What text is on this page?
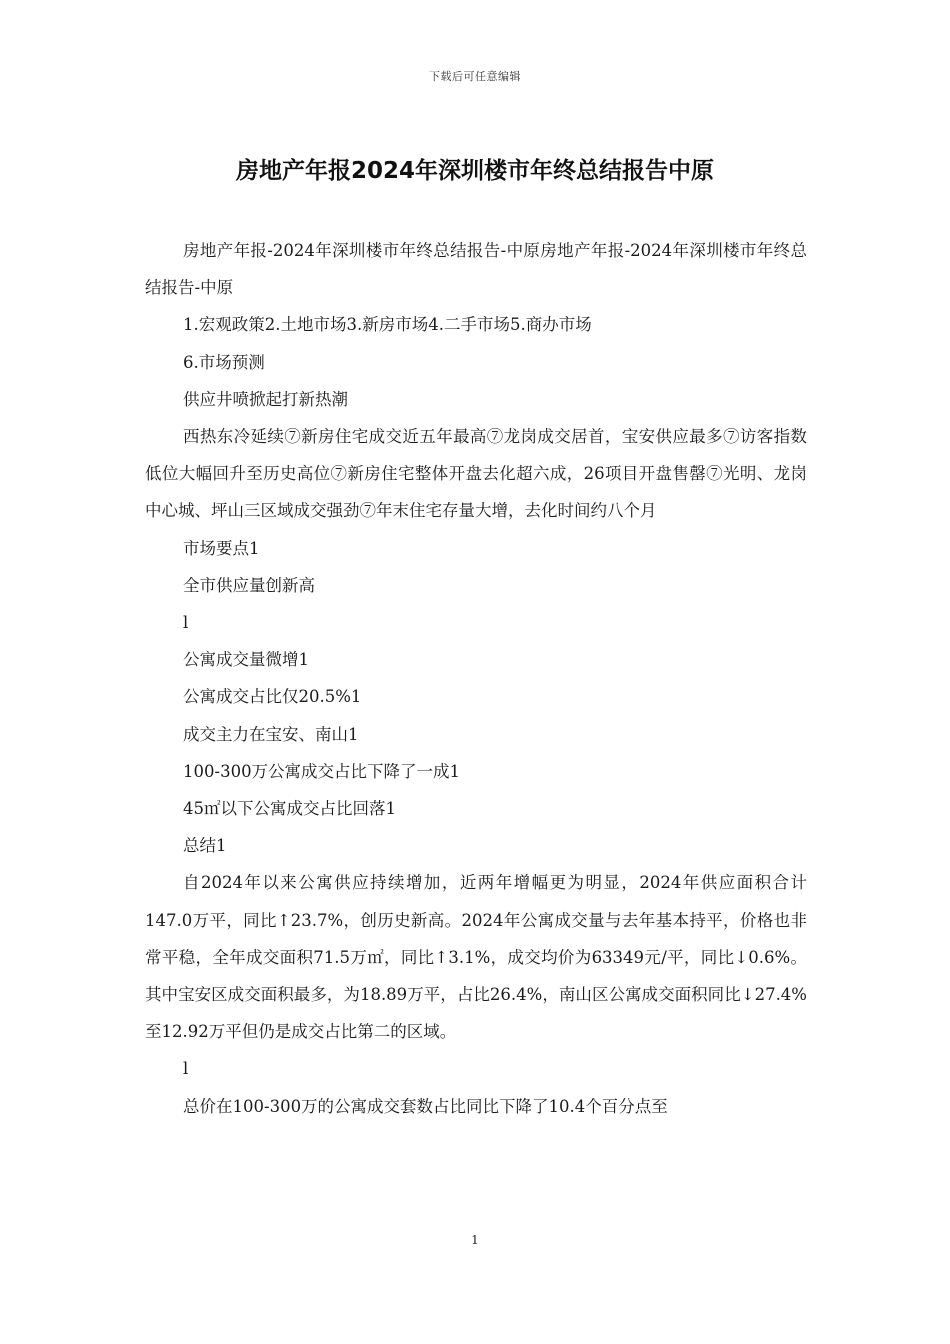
下载后可任意编辑
房地产年报2024年深圳楼市年终总结报告中原

房地产年报-2024年深圳楼市年终总结报告-中原房地产年报-2024年深圳楼市年终总结报告-中原

1.宏观政策2.土地市场3.新房市场4.二手市场5.商办市场

6.市场预测

供应井喷掀起打新热潮

西热东冷延续⑦新房住宅成交近五年最高⑦龙岗成交居首，宝安供应最多⑦访客指数低位大幅回升至历史高位⑦新房住宅整体开盘去化超六成，26项目开盘售罄⑦光明、龙岗中心城、坪山三区域成交强劲⑦年末住宅存量大增，去化时间约八个月

市场要点1

全市供应量创新高

l

公寓成交量微增1

公寓成交占比仅20.5%1

成交主力在宝安、南山1

100-300万公寓成交占比下降了一成1

45㎡以下公寓成交占比回落1

总结1

自2024年以来公寓供应持续增加，近两年增幅更为明显，2024年供应面积合计147.0万平，同比↑23.7%，创历史新高。2024年公寓成交量与去年基本持平，价格也非常平稳，全年成交面积71.5万㎡，同比↑3.1%，成交均价为63349元/平，同比↓0.6%。其中宝安区成交面积最多，为18.89万平，占比26.4%，南山区公寓成交面积同比↓27.4%至12.92万平但仍是成交占比第二的区域。

l

总价在100-300万的公寓成交套数占比同比下降了10.4个百分点至

1
